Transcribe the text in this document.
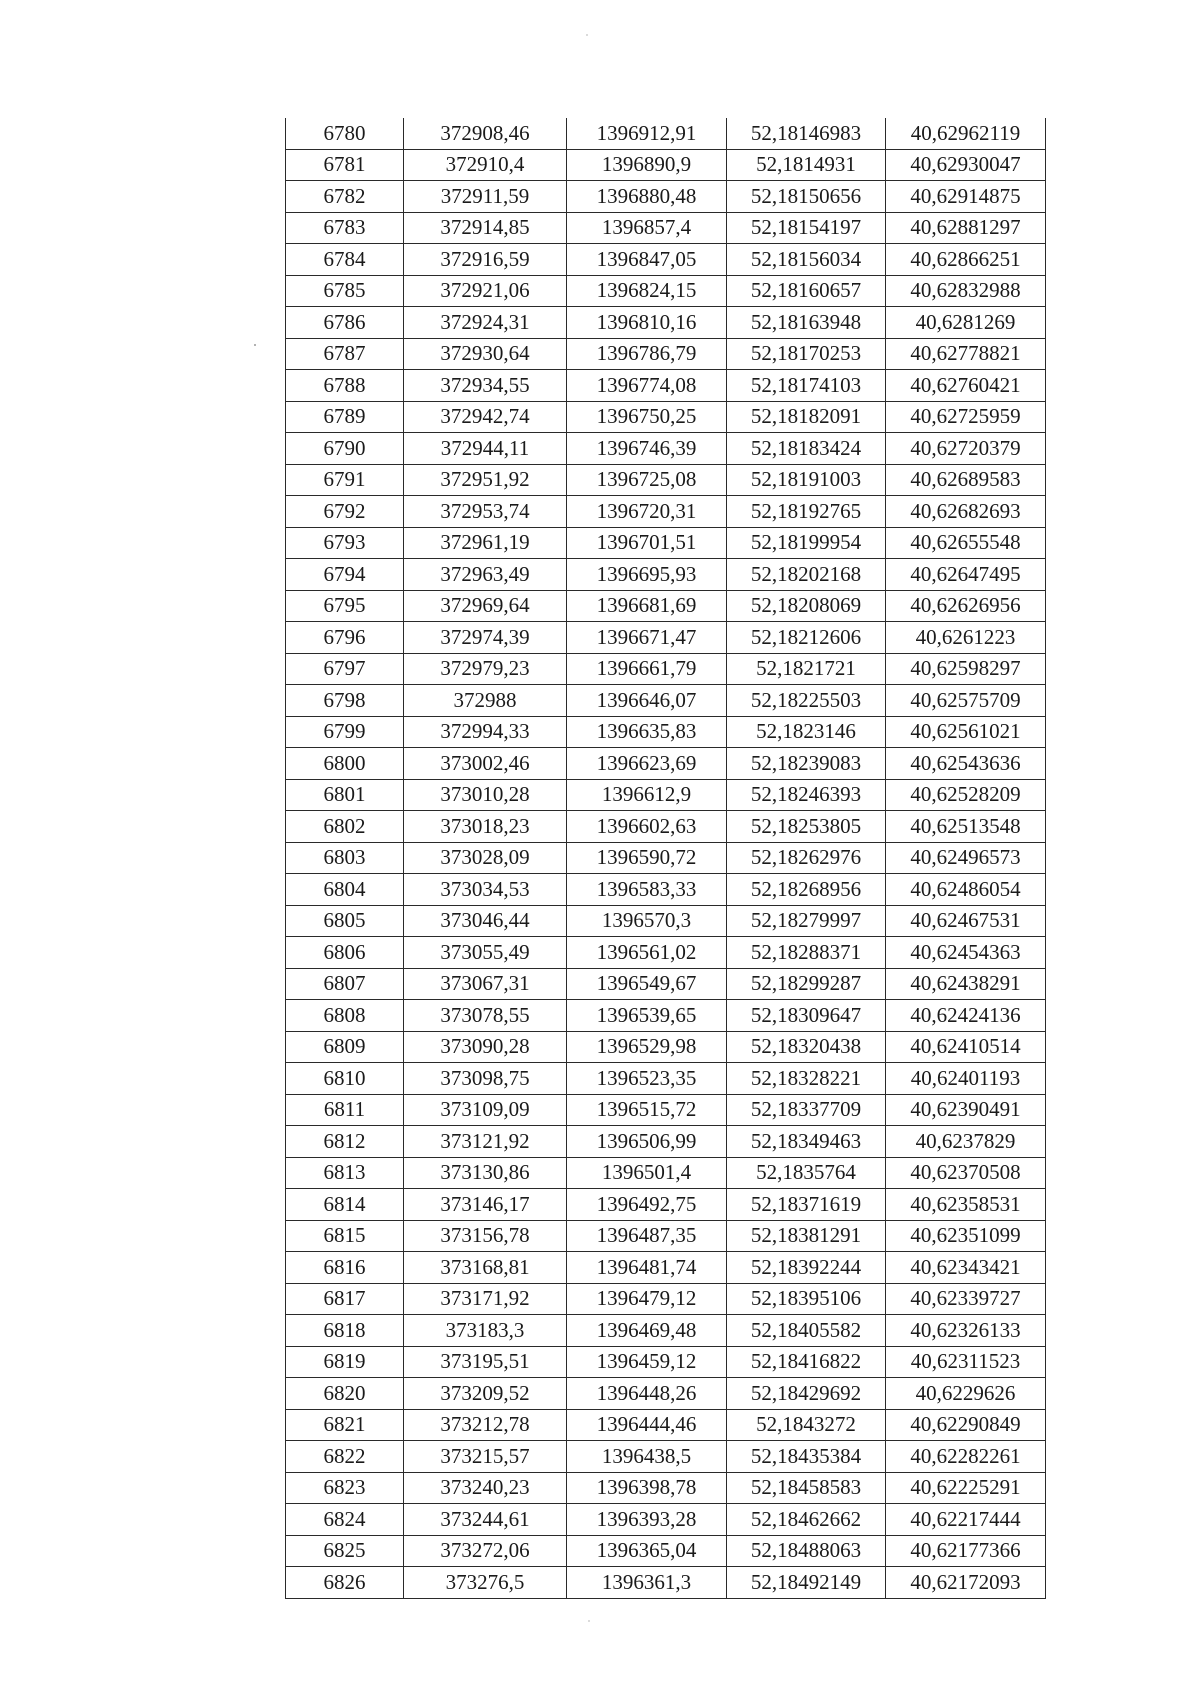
6780	372908,46	1396912,91	52,18146983	40,62962119
6781	372910,4	1396890,9	52,1814931	40,62930047
6782	372911,59	1396880,48	52,18150656	40,62914875
6783	372914,85	1396857,4	52,18154197	40,62881297
6784	372916,59	1396847,05	52,18156034	40,62866251
6785	372921,06	1396824,15	52,18160657	40,62832988
6786	372924,31	1396810,16	52,18163948	40,6281269
6787	372930,64	1396786,79	52,18170253	40,62778821
6788	372934,55	1396774,08	52,18174103	40,62760421
6789	372942,74	1396750,25	52,18182091	40,62725959
6790	372944,11	1396746,39	52,18183424	40,62720379
6791	372951,92	1396725,08	52,18191003	40,62689583
6792	372953,74	1396720,31	52,18192765	40,62682693
6793	372961,19	1396701,51	52,18199954	40,62655548
6794	372963,49	1396695,93	52,18202168	40,62647495
6795	372969,64	1396681,69	52,18208069	40,62626956
6796	372974,39	1396671,47	52,18212606	40,6261223
6797	372979,23	1396661,79	52,1821721	40,62598297
6798	372988	1396646,07	52,18225503	40,62575709
6799	372994,33	1396635,83	52,1823146	40,62561021
6800	373002,46	1396623,69	52,18239083	40,62543636
6801	373010,28	1396612,9	52,18246393	40,62528209
6802	373018,23	1396602,63	52,18253805	40,62513548
6803	373028,09	1396590,72	52,18262976	40,62496573
6804	373034,53	1396583,33	52,18268956	40,62486054
6805	373046,44	1396570,3	52,18279997	40,62467531
6806	373055,49	1396561,02	52,18288371	40,62454363
6807	373067,31	1396549,67	52,18299287	40,62438291
6808	373078,55	1396539,65	52,18309647	40,62424136
6809	373090,28	1396529,98	52,18320438	40,62410514
6810	373098,75	1396523,35	52,18328221	40,62401193
6811	373109,09	1396515,72	52,18337709	40,62390491
6812	373121,92	1396506,99	52,18349463	40,6237829
6813	373130,86	1396501,4	52,1835764	40,62370508
6814	373146,17	1396492,75	52,18371619	40,62358531
6815	373156,78	1396487,35	52,18381291	40,62351099
6816	373168,81	1396481,74	52,18392244	40,62343421
6817	373171,92	1396479,12	52,18395106	40,62339727
6818	373183,3	1396469,48	52,18405582	40,62326133
6819	373195,51	1396459,12	52,18416822	40,62311523
6820	373209,52	1396448,26	52,18429692	40,6229626
6821	373212,78	1396444,46	52,1843272	40,62290849
6822	373215,57	1396438,5	52,18435384	40,62282261
6823	373240,23	1396398,78	52,18458583	40,62225291
6824	373244,61	1396393,28	52,18462662	40,62217444
6825	373272,06	1396365,04	52,18488063	40,62177366
6826	373276,5	1396361,3	52,18492149	40,62172093
